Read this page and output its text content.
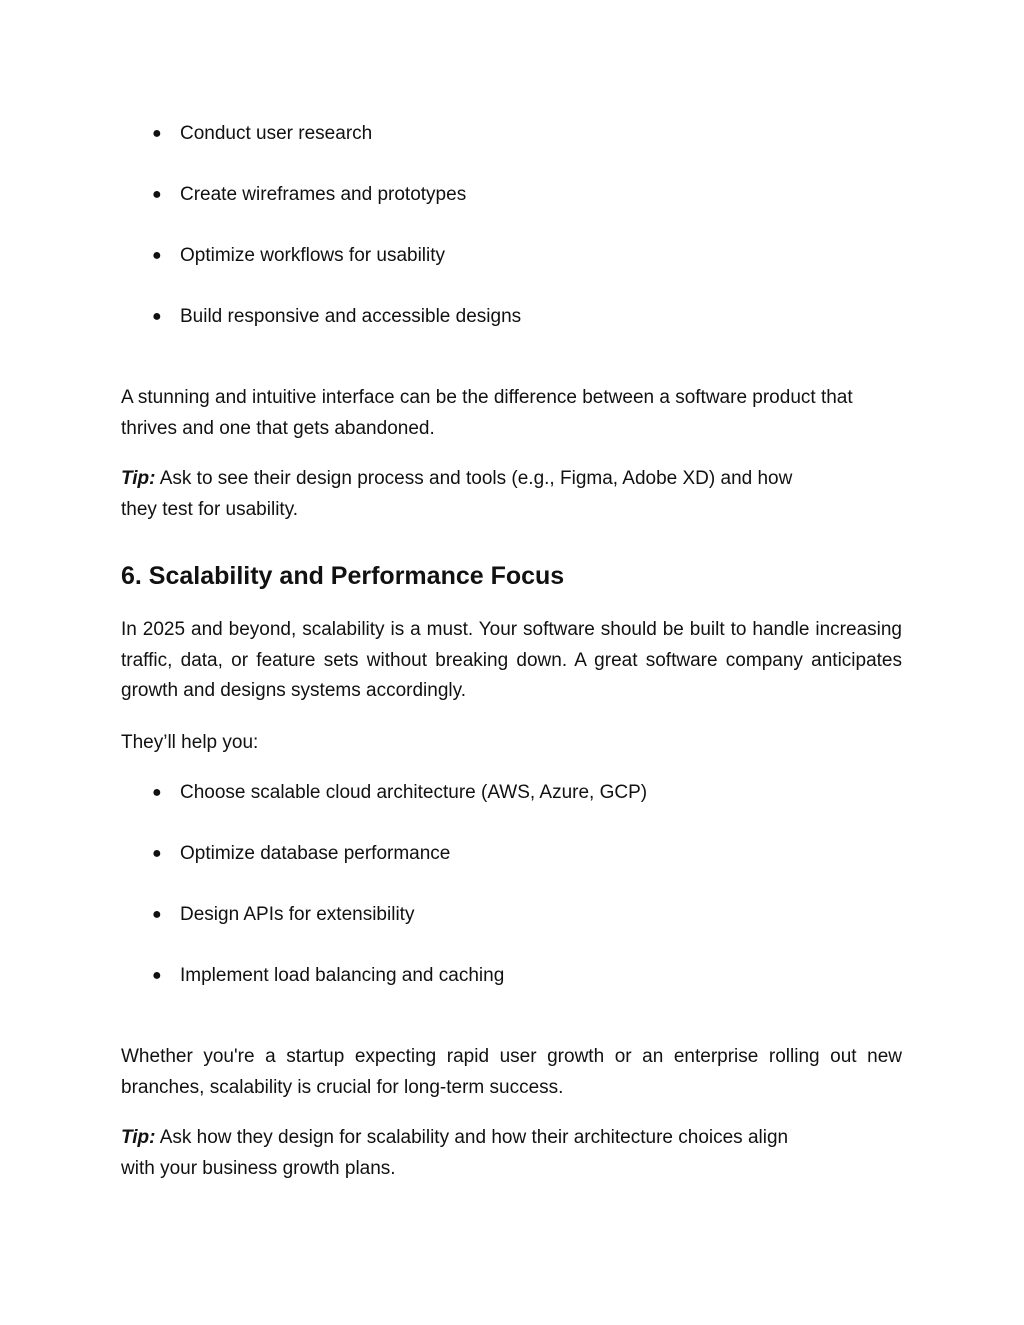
● Conduct user research
● Create wireframes and prototypes
● Optimize workflows for usability
● Build responsive and accessible designs
A stunning and intuitive interface can be the difference between a software product that thrives and one that gets abandoned.
Tip: Ask to see their design process and tools (e.g., Figma, Adobe XD) and how
they test for usability.
6. Scalability and Performance Focus
In 2025 and beyond, scalability is a must. Your software should be built to handle increasing traffic, data, or feature sets without breaking down. A great software company anticipates growth and designs systems accordingly.
They’ll help you:
● Choose scalable cloud architecture (AWS, Azure, GCP)
● Optimize database performance
● Design APIs for extensibility
● Implement load balancing and caching
Whether you're a startup expecting rapid user growth or an enterprise rolling out new branches, scalability is crucial for long-term success.
Tip: Ask how they design for scalability and how their architecture choices align
with your business growth plans.
